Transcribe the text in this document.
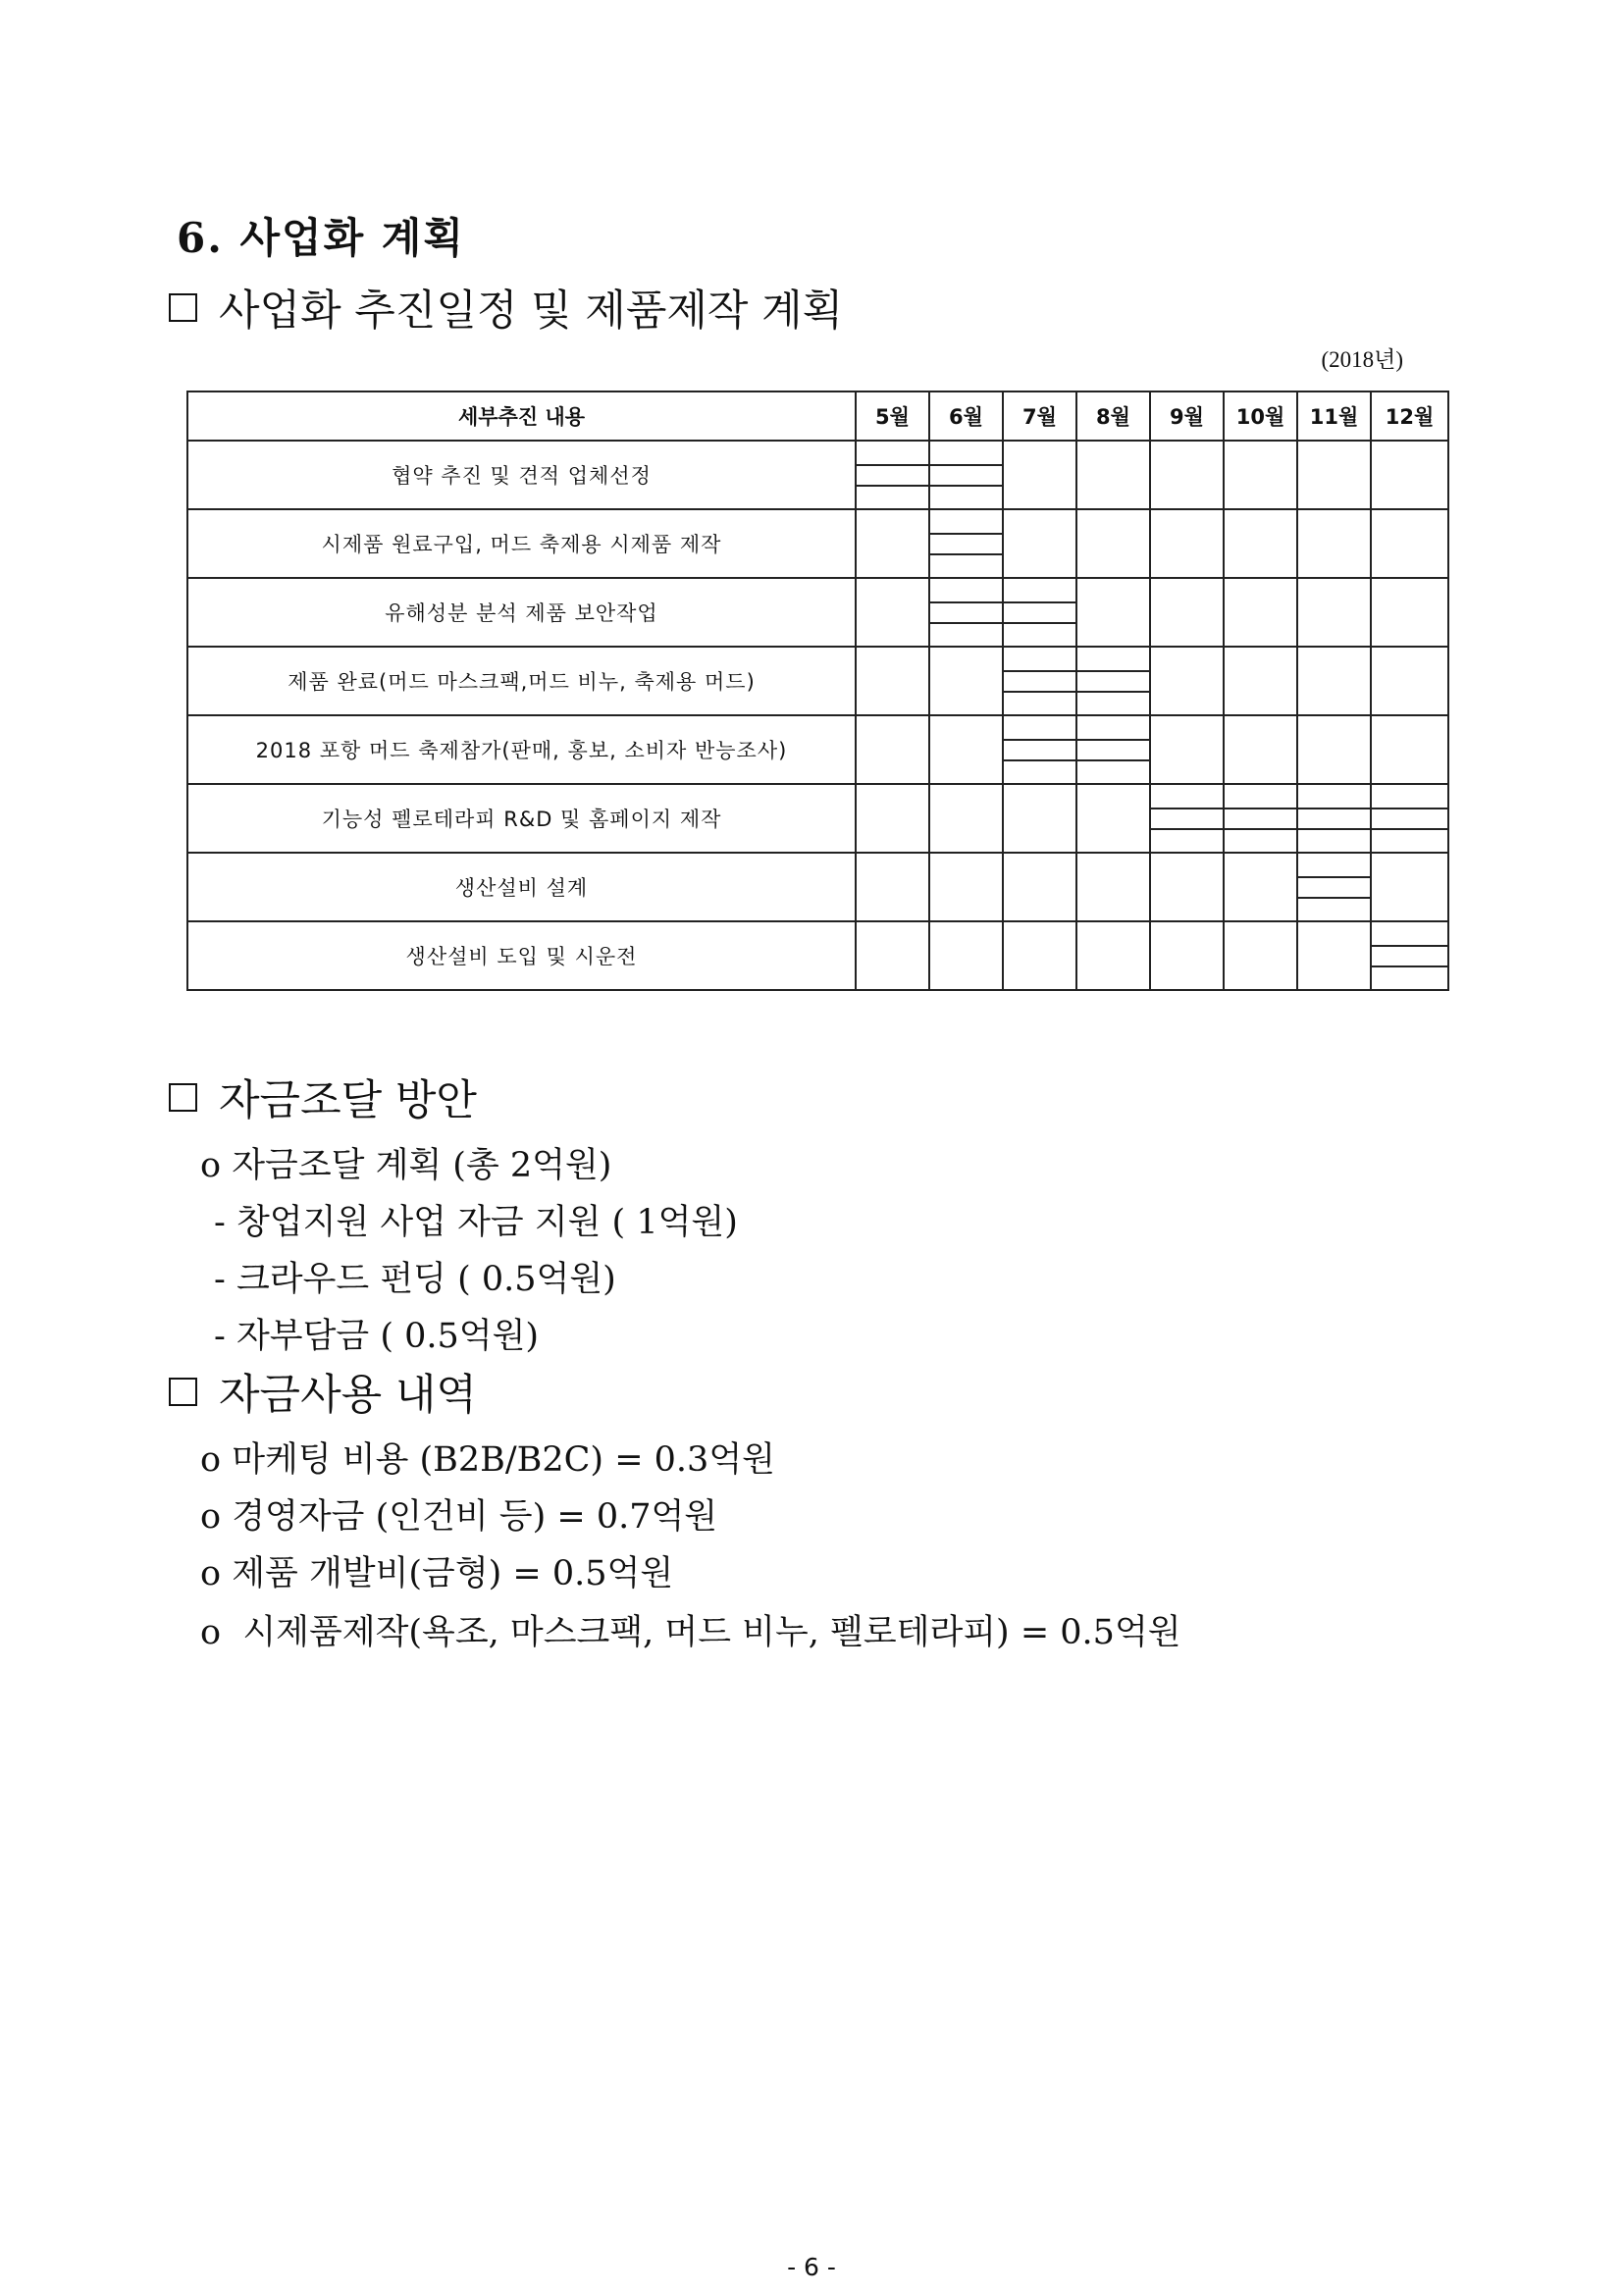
6. 사업화 계획
사업화 추진일정 및 제품제작 계획
(2018년)
세부추진 내용	5월	6월	7월	8월	9월	10월	11월	12월
협약 추진 및 견적 업체선정	

시제품 원료구입, 머드 축제용 시제품 제작		

유해성분 분석 제품 보안작업		

제품 완료(머드 마스크팩,머드 비누, 축제용 머드)			

2018 포항 머드 축제참가(판매, 홍보, 소비자 반능조사)			

기능성 펠로테라피 R&D 및 홈페이지 제작					

생산설비 설계							

생산설비 도입 및 시운전								
자금조달 방안
o 자금조달 계획 (총 2억원)
- 창업지원 사업 자금 지원 ( 1억원)
- 크라우드 펀딩 ( 0.5억원)
- 자부담금 ( 0.5억원)
자금사용 내역
o 마케팅 비용 (B2B/B2C) = 0.3억원
o 경영자금 (인건비 등) = 0.7억원
o 제품 개발비(금형) = 0.5억원
o  시제품제작(욕조, 마스크팩, 머드 비누, 펠로테라피) = 0.5억원
- 6 -
